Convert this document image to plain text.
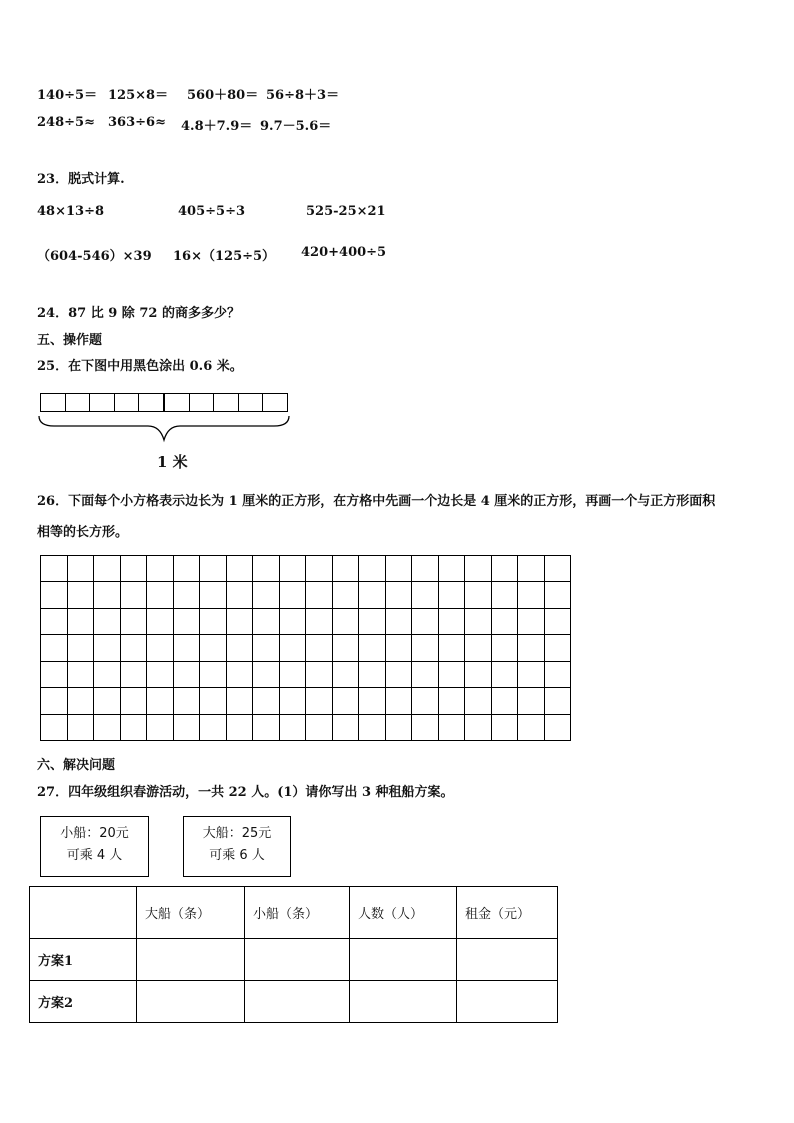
140÷5＝ 125×8＝ 560＋80＝ 56÷8＋3＝
248÷5≈ 363÷6≈ 4.8＋7.9＝ 9.7－5.6＝
23．脱式计算.
48×13÷8	405÷5÷3	525-25×21
（604-546）×39 16×（125÷5） 420+400÷5
24．87 比 9 除 72 的商多多少？
五、操作题
25．在下图中用黑色涂出 0.6 米。
1 米
26．下面每个小方格表示边长为 1 厘米的正方形，在方格中先画一个边长是 4 厘米的正方形，再画一个与正方形面积
相等的长方形。
六、解决问题
27．四年级组织春游活动，一共 22 人。(1）请你写出 3 种租船方案。
小船：20元
可乘 4 人
大船：25元
可乘 6 人
	大船（条）	小船（条）	人数（人）	租金（元）
方案1				
方案2				
